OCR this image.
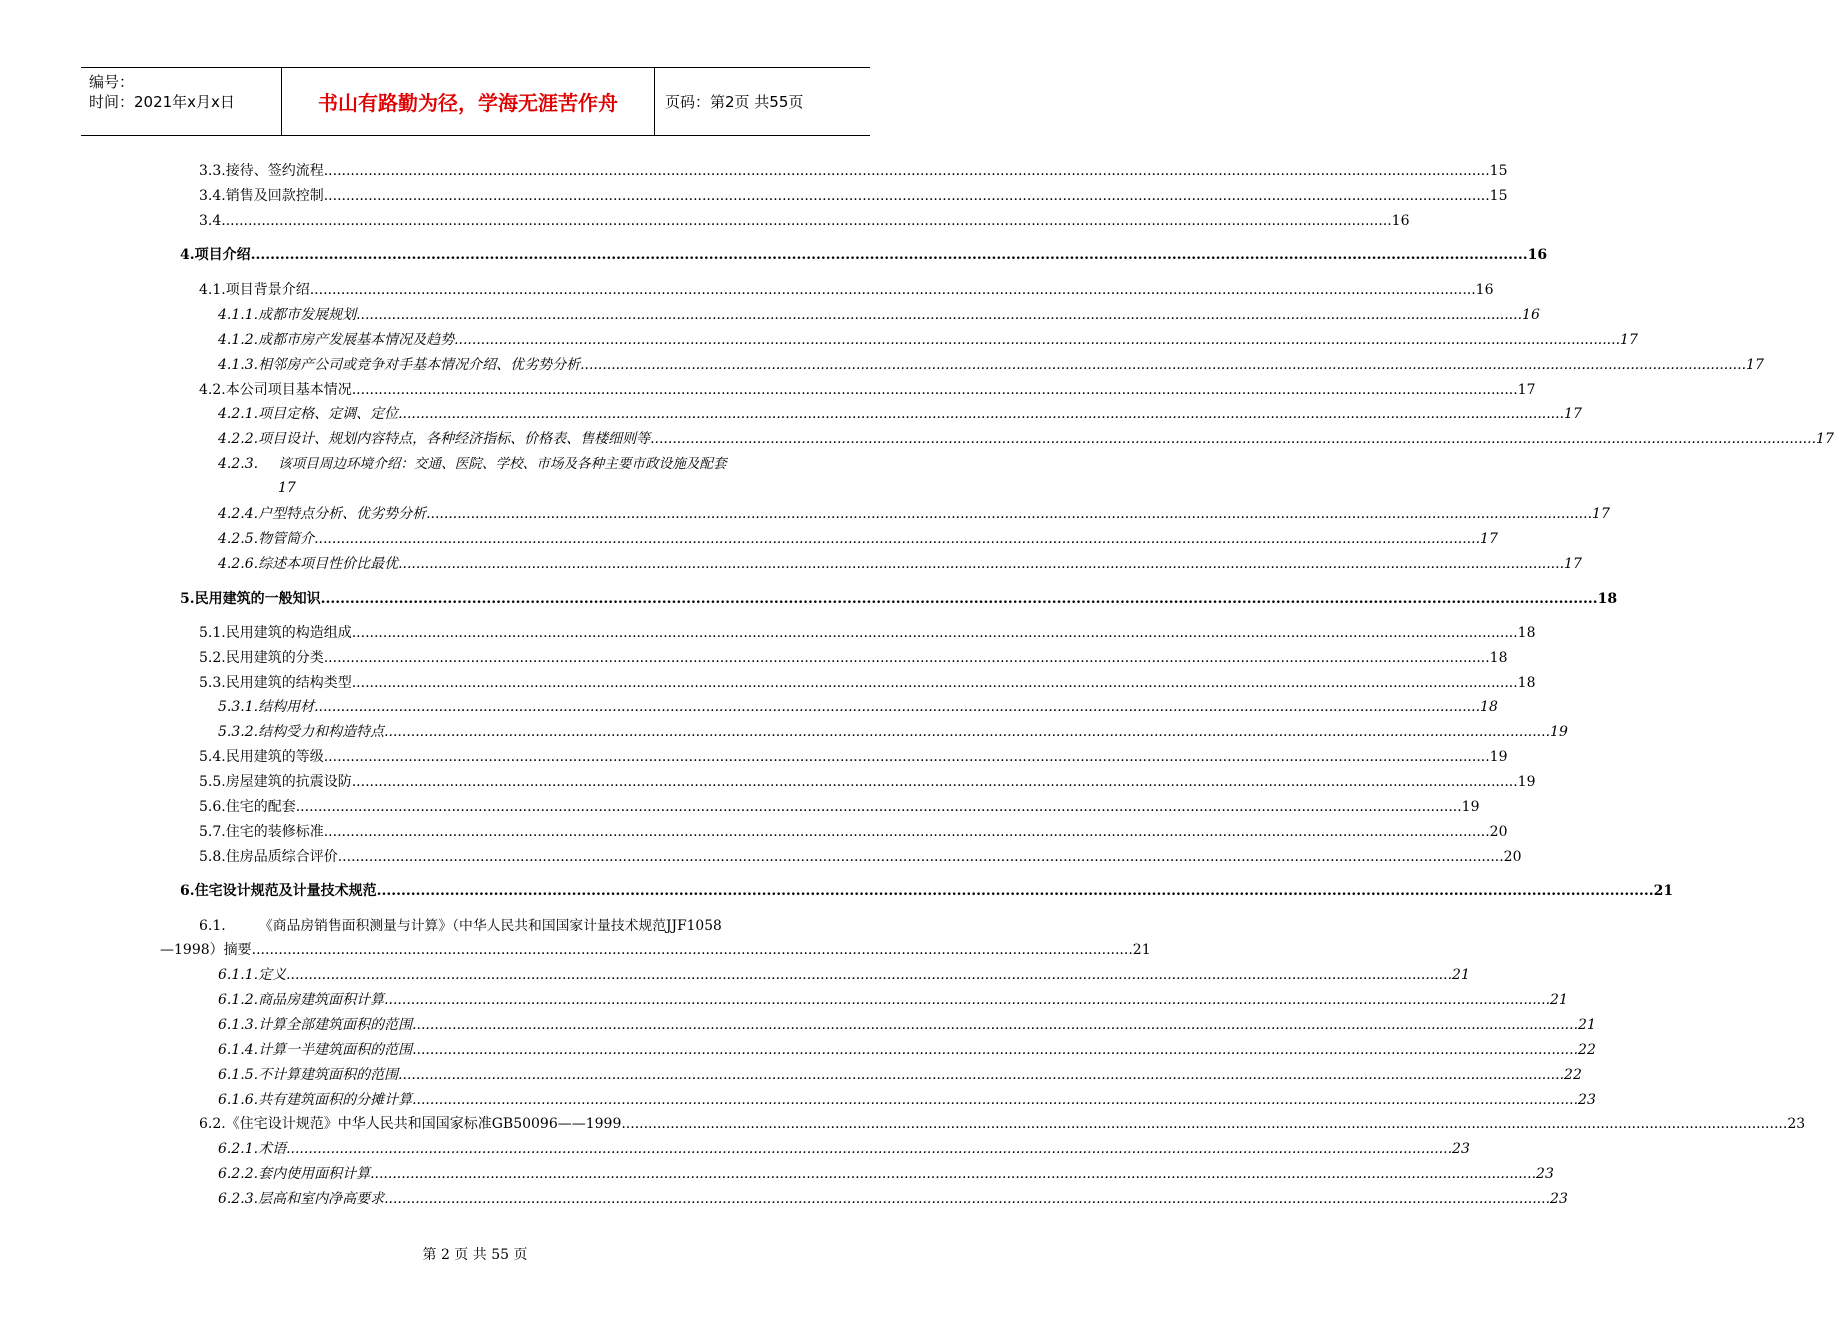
编号：
时间：2021年x月x日	书山有路勤为径，学海无涯苦作舟	页码：第2页 共55页
3.3. 接待、签约流程 .....	15
3.4. 销售及回款控制 .....	15
3.4. .....	16
4. 项目介绍 .....	16
4.1. 项目背景介绍 .....	16
4.1.1. 成都市发展规划 .....	16
4.1.2. 成都市房产发展基本情况及趋势 .....	17
4.1.3. 相邻房产公司或竞争对手基本情况介绍、优劣势分析 .....	17
4.2. 本公司项目基本情况 .....	17
4.2.1. 项目定格、定调、定位 .....	17
4.2.2. 项目设计、规划内容特点，各种经济指标、价格表、售楼细则等 .....	17
4.2.3.	该项目周边环境介绍：交通、医院、学校、市场及各种主要市政设施及配套
17
4.2.4. 户型特点分析、优劣势分析 .....	17
4.2.5. 物管简介 .....	17
4.2.6. 综述本项目性价比最优 .....	17
5. 民用建筑的一般知识 .....	18
5.1. 民用建筑的构造组成 .....	18
5.2. 民用建筑的分类 .....	18
5.3. 民用建筑的结构类型 .....	18
5.3.1. 结构用材 .....	18
5.3.2. 结构受力和构造特点 .....	19
5.4. 民用建筑的等级 .....	19
5.5. 房屋建筑的抗震设防 .....	19
5.6. 住宅的配套 .....	19
5.7. 住宅的装修标准 .....	20
5.8. 住房品质综合评价 .....	20
6. 住宅设计规范及计量技术规范 .....	21
6.1.	《商品房销售面积测量与计算》（中华人民共和国国家计量技术规范JJF1058
—1998）摘要 ...................................................................................................................................................................................................... 21
6.1.1. 定义 .....	21
6.1.2. 商品房建筑面积计算 .....	21
6.1.3. 计算全部建筑面积的范围 .....	21
6.1.4. 计算一半建筑面积的范围 .....	22
6.1.5. 不计算建筑面积的范围 .....	22
6.1.6. 共有建筑面积的分摊计算 .....	23
6.2. 《住宅设计规范》中华人民共和国国家标准GB50096——1999 .....	23
6.2.1. 术语 .....	23
6.2.2. 套内使用面积计算 .....	23
6.2.3. 层高和室内净高要求 .....	23
第 2 页 共 55 页
